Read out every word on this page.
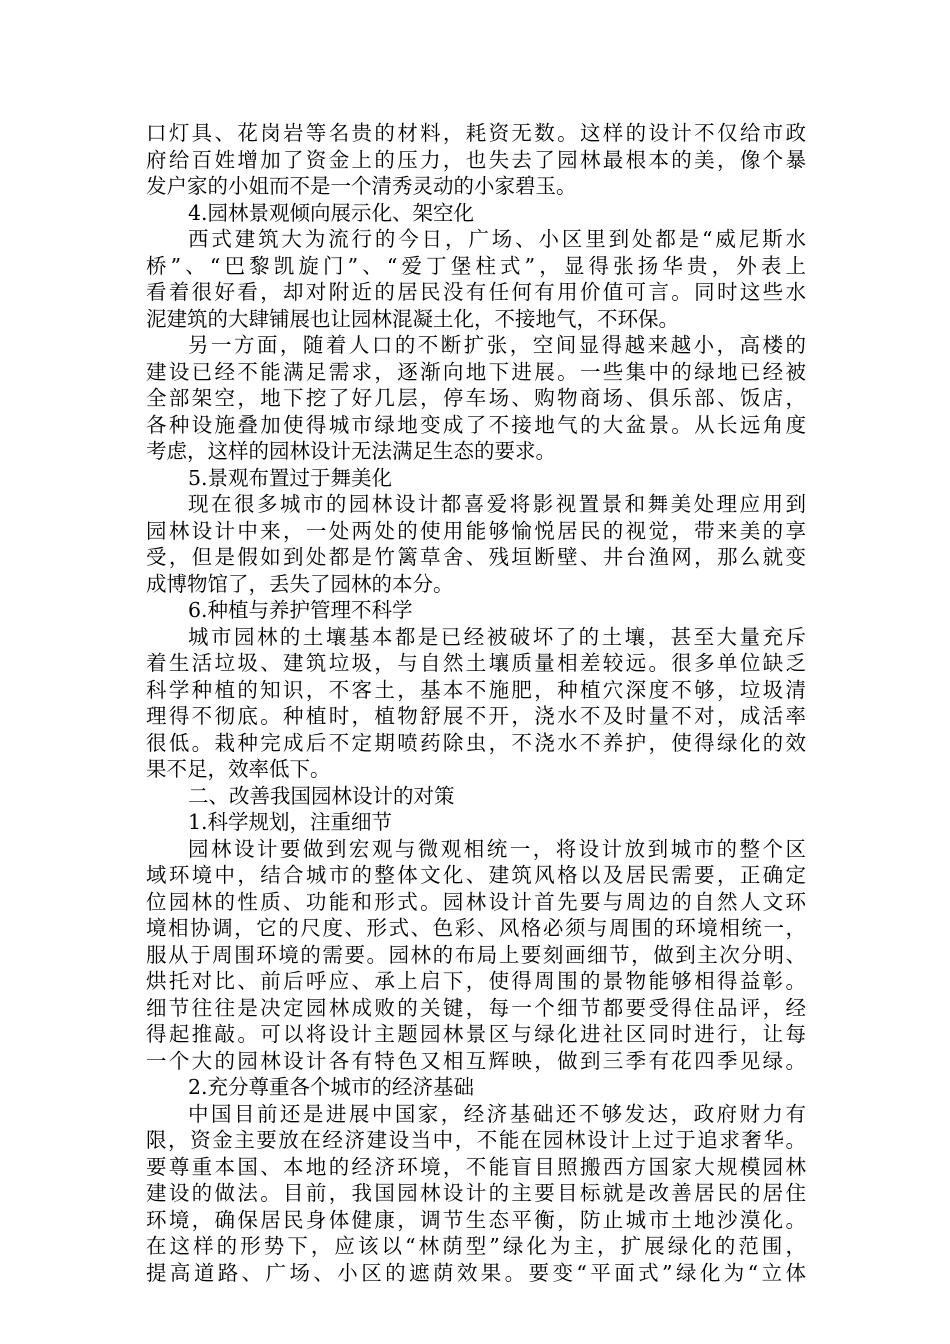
口灯具、花岗岩等名贵的材料，耗资无数。这样的设计不仅给市政
府给百姓增加了资金上的压力，也失去了园林最根本的美，像个暴
发户家的小姐而不是一个清秀灵动的小家碧玉。
4.园林景观倾向展示化、架空化
西式建筑大为流行的今日，广场、小区里到处都是“威尼斯水
桥”、“巴黎凯旋门”、“爱丁堡柱式”，显得张扬华贵，外表上
看着很好看，却对附近的居民没有任何有用价值可言。同时这些水
泥建筑的大肆铺展也让园林混凝土化，不接地气，不环保。
另一方面，随着人口的不断扩张，空间显得越来越小，高楼的
建设已经不能满足需求，逐渐向地下进展。一些集中的绿地已经被
全部架空，地下挖了好几层，停车场、购物商场、俱乐部、饭店，
各种设施叠加使得城市绿地变成了不接地气的大盆景。从长远角度
考虑，这样的园林设计无法满足生态的要求。
5.景观布置过于舞美化
现在很多城市的园林设计都喜爱将影视置景和舞美处理应用到
园林设计中来，一处两处的使用能够愉悦居民的视觉，带来美的享
受，但是假如到处都是竹篱草舍、残垣断壁、井台渔网，那么就变
成博物馆了，丢失了园林的本分。
6.种植与养护管理不科学
城市园林的土壤基本都是已经被破坏了的土壤，甚至大量充斥
着生活垃圾、建筑垃圾，与自然土壤质量相差较远。很多单位缺乏
科学种植的知识，不客土，基本不施肥，种植穴深度不够，垃圾清
理得不彻底。种植时，植物舒展不开，浇水不及时量不对，成活率
很低。栽种完成后不定期喷药除虫，不浇水不养护，使得绿化的效
果不足，效率低下。
二、改善我国园林设计的对策
1.科学规划，注重细节
园林设计要做到宏观与微观相统一，将设计放到城市的整个区
域环境中，结合城市的整体文化、建筑风格以及居民需要，正确定
位园林的性质、功能和形式。园林设计首先要与周边的自然人文环
境相协调，它的尺度、形式、色彩、风格必须与周围的环境相统一，
服从于周围环境的需要。园林的布局上要刻画细节，做到主次分明、
烘托对比、前后呼应、承上启下，使得周围的景物能够相得益彰。
细节往往是决定园林成败的关键，每一个细节都要受得住品评，经
得起推敲。可以将设计主题园林景区与绿化进社区同时进行，让每
一个大的园林设计各有特色又相互辉映，做到三季有花四季见绿。
2.充分尊重各个城市的经济基础
中国目前还是进展中国家，经济基础还不够发达，政府财力有
限，资金主要放在经济建设当中，不能在园林设计上过于追求奢华。
要尊重本国、本地的经济环境，不能盲目照搬西方国家大规模园林
建设的做法。目前，我国园林设计的主要目标就是改善居民的居住
环境，确保居民身体健康，调节生态平衡，防止城市土地沙漠化。
在这样的形势下，应该以“林荫型”绿化为主，扩展绿化的范围，
提高道路、广场、小区的遮荫效果。要变“平面式”绿化为“立体
